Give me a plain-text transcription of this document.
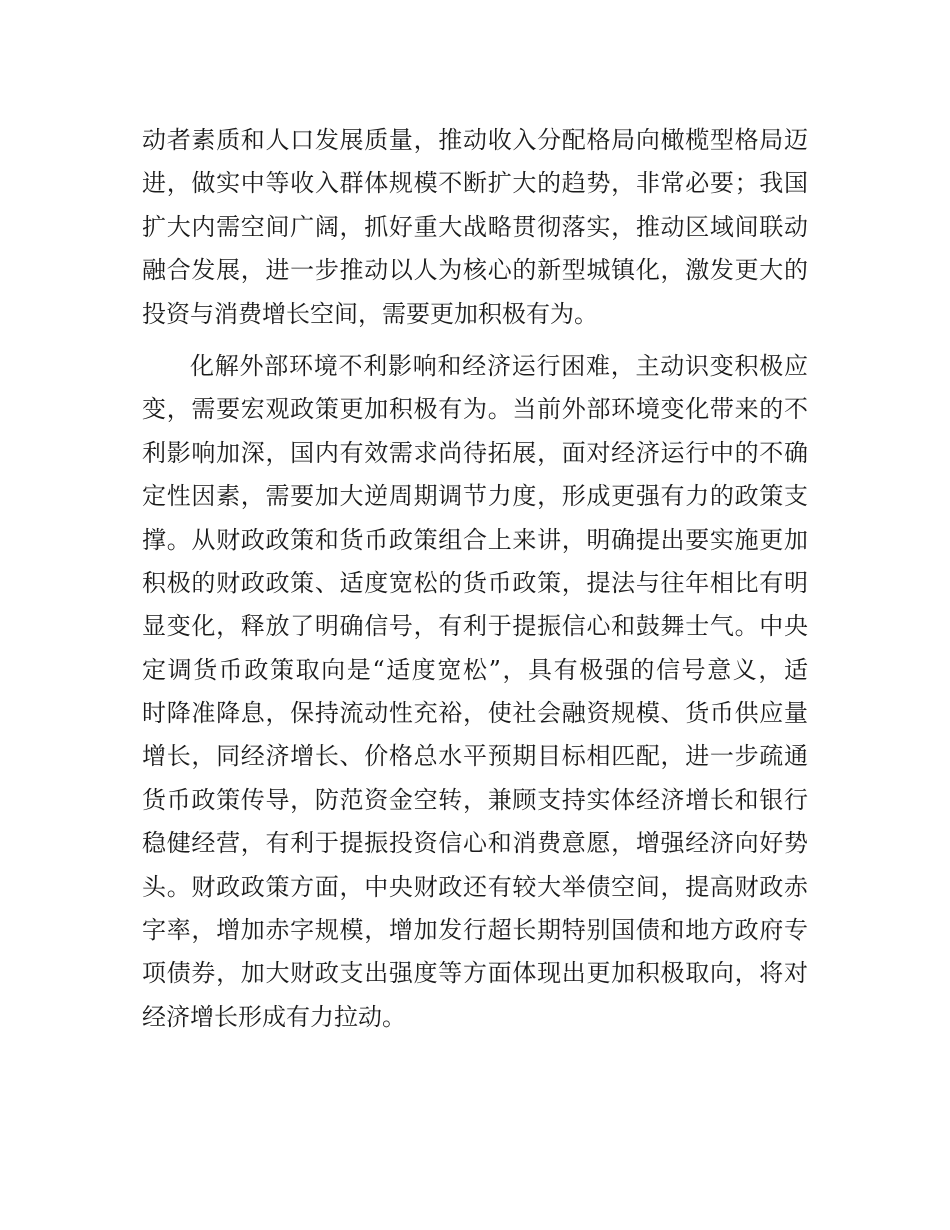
动者素质和人口发展质量，推动收入分配格局向橄榄型格局迈
进，做实中等收入群体规模不断扩大的趋势，非常必要；我国
扩大内需空间广阔，抓好重大战略贯彻落实，推动区域间联动
融合发展，进一步推动以人为核心的新型城镇化，激发更大的
投资与消费增长空间，需要更加积极有为。
化解外部环境不利影响和经济运行困难，主动识变积极应
变，需要宏观政策更加积极有为。当前外部环境变化带来的不
利影响加深，国内有效需求尚待拓展，面对经济运行中的不确
定性因素，需要加大逆周期调节力度，形成更强有力的政策支
撑。从财政政策和货币政策组合上来讲，明确提出要实施更加
积极的财政政策、适度宽松的货币政策，提法与往年相比有明
显变化，释放了明确信号，有利于提振信心和鼓舞士气。中央
定调货币政策取向是“适度宽松”，具有极强的信号意义，适
时降准降息，保持流动性充裕，使社会融资规模、货币供应量
增长，同经济增长、价格总水平预期目标相匹配，进一步疏通
货币政策传导，防范资金空转，兼顾支持实体经济增长和银行
稳健经营，有利于提振投资信心和消费意愿，增强经济向好势
头。财政政策方面，中央财政还有较大举债空间，提高财政赤
字率，增加赤字规模，增加发行超长期特别国债和地方政府专
项债券，加大财政支出强度等方面体现出更加积极取向，将对
经济增长形成有力拉动。
